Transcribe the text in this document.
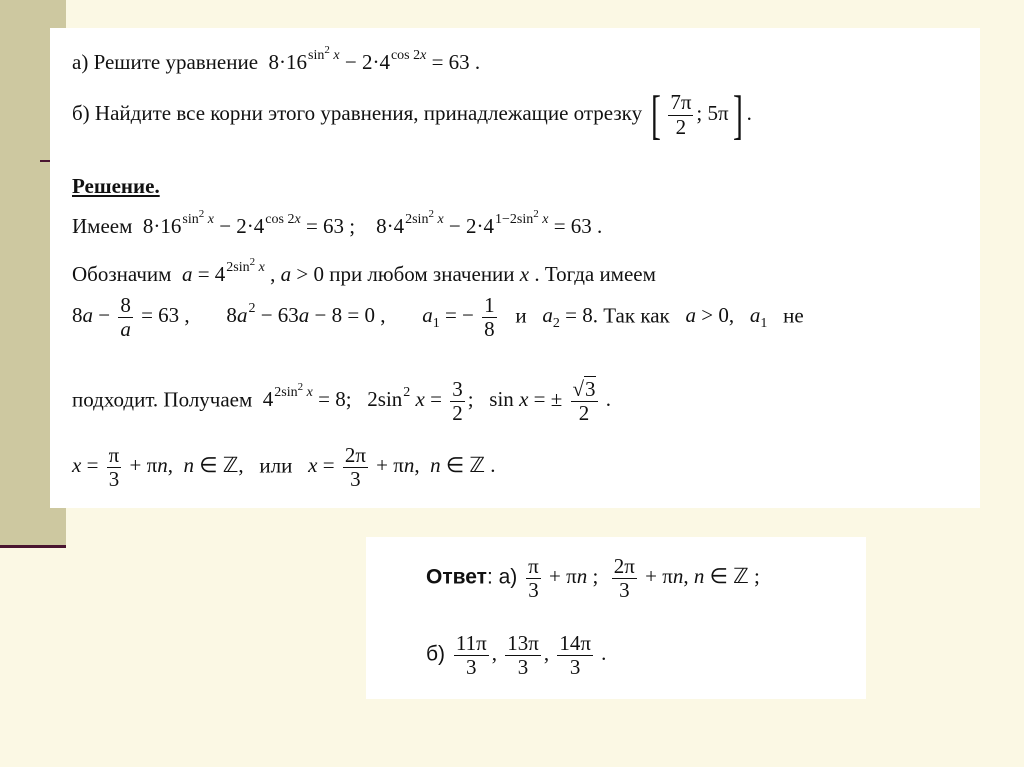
а) Решите уравнение  $8\cdot 16^{sin^2 x} - 2\cdot 4^{cos 2x} = 63$ .
б) Найдите все корни этого уравнения, принадлежащие отрезку [ $\frac{7\pi}{2}$ ; 5π] .
Решение.
Имеем  $8\cdot 16^{sin^2 x} - 2\cdot 4^{cos 2x} = 63$ ;    $8\cdot 4^{2sin^2 x} - 2\cdot 4^{1-2sin^2 x} = 63$ .
Обозначим $a = 4^{2sin^2 x}$ , a > 0 при любом значении x . Тогда имеем
$8a - \frac{8}{a} = 63$ ,       $8a^2 - 63a - 8 = 0$ ,       $a_1$ = − $\frac{1}{8}$ и $a_2 = 8$. Так как a > 0,   $a_1$ не
подходит. Получаем  $4^{2sin^2 x} = 8$;   $2\sin^2$ $x = \frac{3}{2}$ ;   sin x = ± $\frac{√3}{2}$ .
$x = \frac{\pi}{3} + \pi n$,  n ∈ ℤ,   или $x = \frac{2\pi}{3} + \pi n$,  n ∈ ℤ .
Ответ: $а) \frac{\pi}{3} + \pi n$ ; $\frac{2\pi}{3} + \pi n$, n ∈ ℤ ;
$б) \frac{11\pi}{3}$ , $\frac{13\pi}{3}$ , $\frac{14\pi}{3}$ .
